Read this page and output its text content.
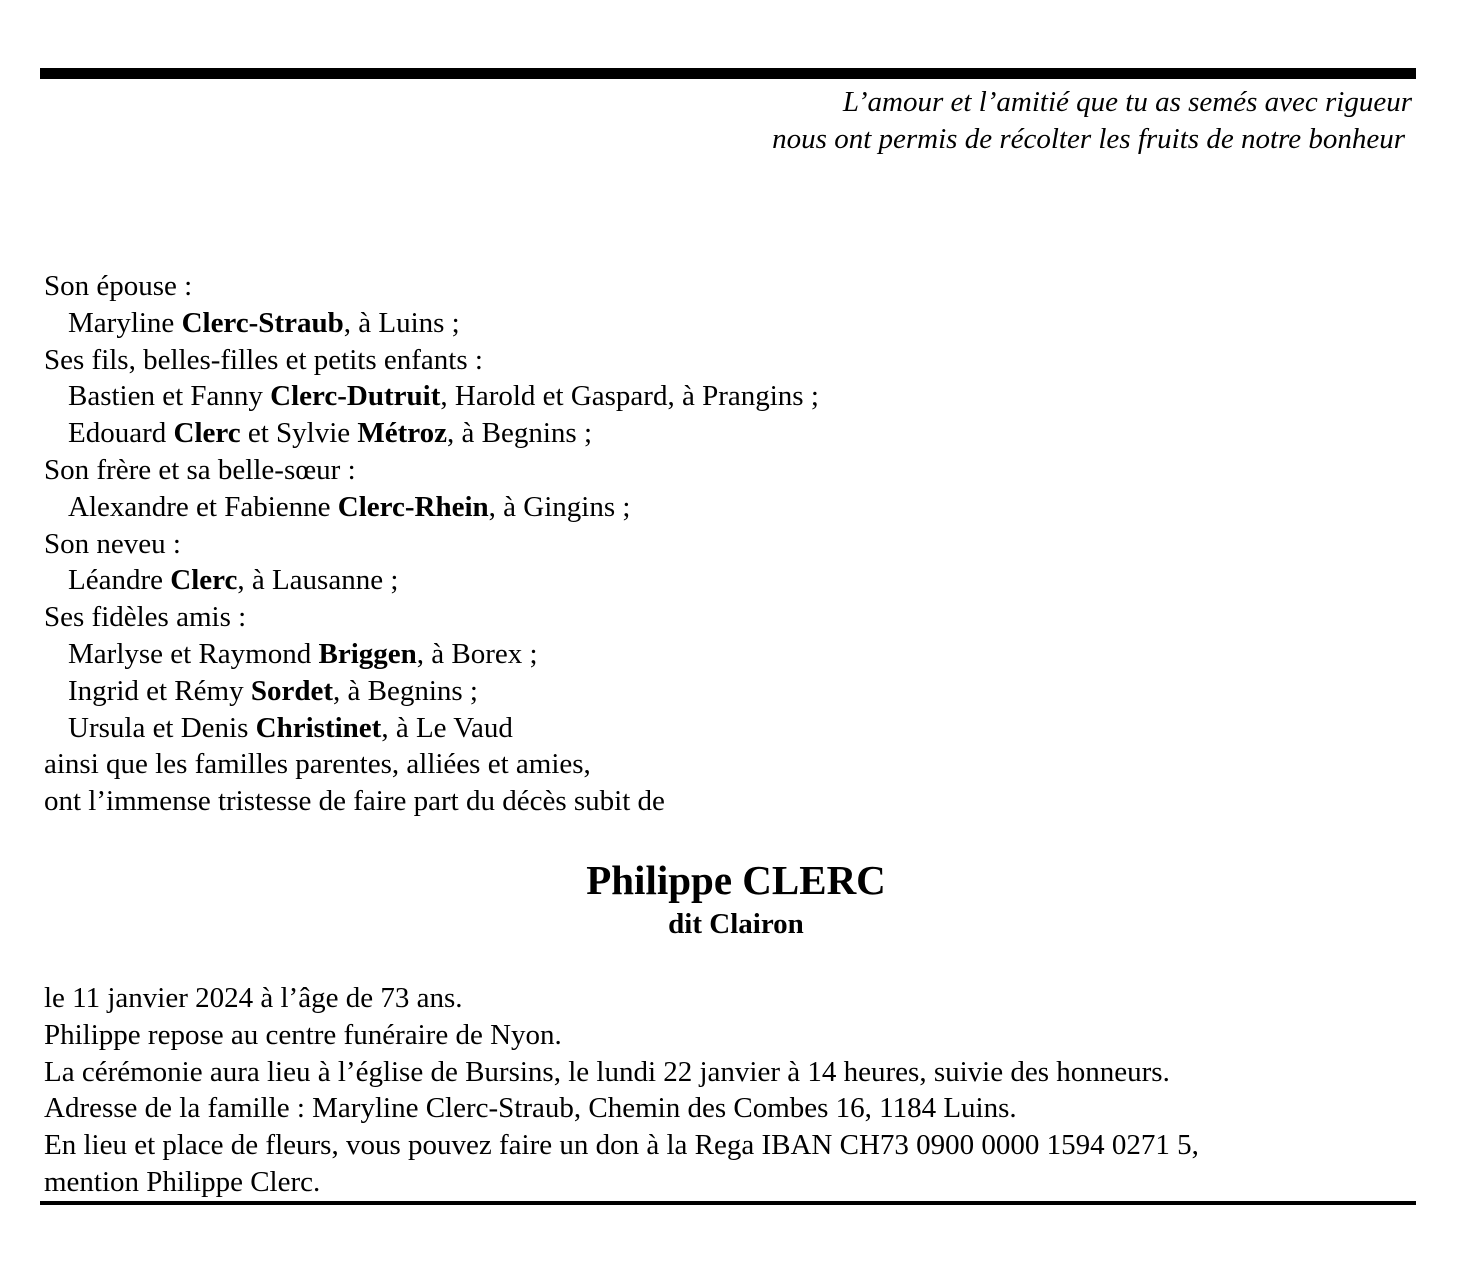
L’amour et l’amitié que tu as semés avec rigueur
nous ont permis de récolter les fruits de notre bonheur
Son épouse :
Maryline Clerc-Straub, à Luins ;
Ses fils, belles-filles et petits enfants :
Bastien et Fanny Clerc-Dutruit, Harold et Gaspard, à Prangins ;
Edouard Clerc et Sylvie Métroz, à Begnins ;
Son frère et sa belle-sœur :
Alexandre et Fabienne Clerc-Rhein, à Gingins ;
Son neveu :
Léandre Clerc, à Lausanne ;
Ses fidèles amis :
Marlyse et Raymond Briggen, à Borex ;
Ingrid et Rémy Sordet, à Begnins ;
Ursula et Denis Christinet, à Le Vaud
ainsi que les familles parentes, alliées et amies,
ont l’immense tristesse de faire part du décès subit de
Philippe CLERC
dit Clairon
le 11 janvier 2024 à l’âge de 73 ans.
Philippe repose au centre funéraire de Nyon.
La cérémonie aura lieu à l’église de Bursins, le lundi 22 janvier à 14 heures, suivie des honneurs.
Adresse de la famille : Maryline Clerc-Straub, Chemin des Combes 16, 1184 Luins.
En lieu et place de fleurs, vous pouvez faire un don à la Rega IBAN CH73 0900 0000 1594 0271 5,
mention Philippe Clerc.
